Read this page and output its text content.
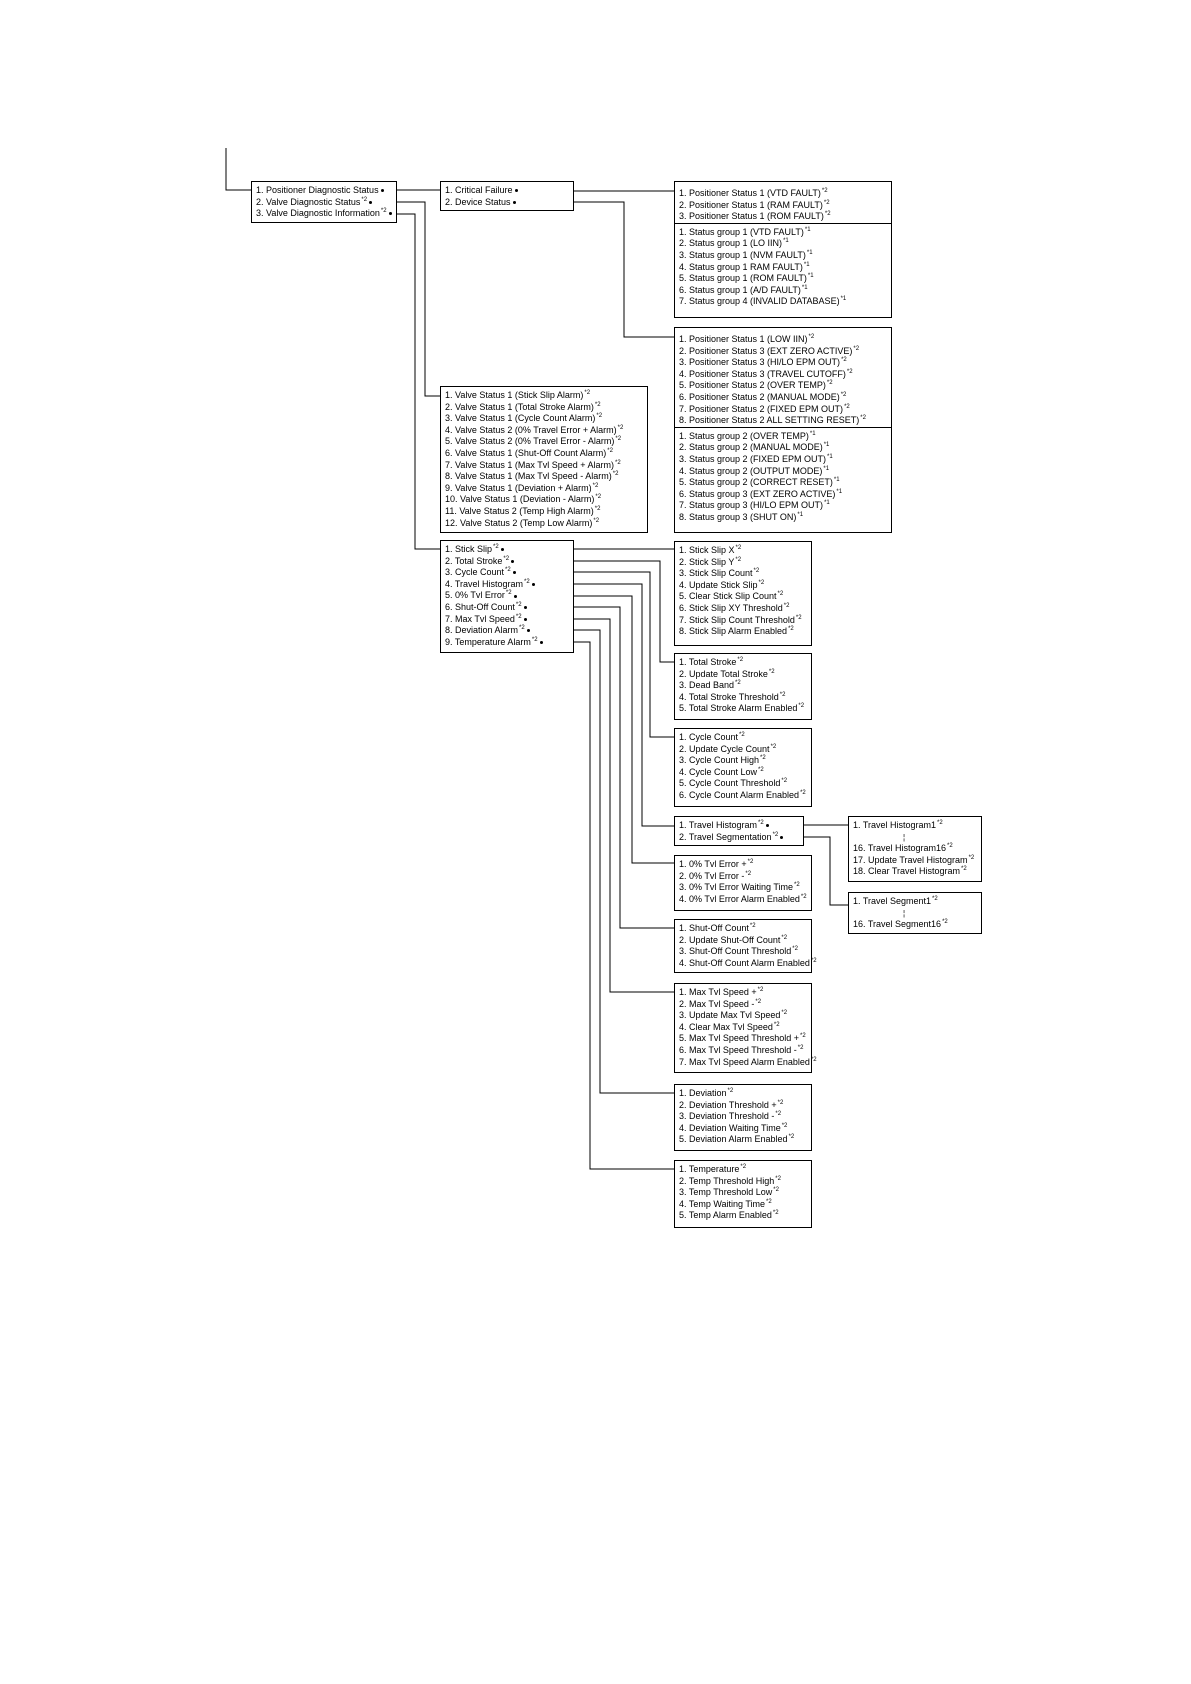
1. Positioner Diagnostic Status
2. Valve Diagnostic Status$^{*2}$
3. Valve Diagnostic Information$^{*2}$
1. Critical Failure
2. Device Status
1. Positioner Status 1 (VTD FAULT)$^{*2}$
2. Positioner Status 1 (RAM FAULT)$^{*2}$
3. Positioner Status 1 (ROM FAULT)$^{*2}$
1. Status group 1 (VTD FAULT)$^{*1}$
2. Status group 1 (LO IIN)$^{*1}$
3. Status group 1 (NVM FAULT)$^{*1}$
4. Status group 1 RAM FAULT)$^{*1}$
5. Status group 1 (ROM FAULT)$^{*1}$
6. Status group 1 (A/D FAULT)$^{*1}$
7. Status group 4 (INVALID DATABASE)$^{*1}$
1. Positioner Status 1 (LOW IIN)$^{*2}$
2. Positioner Status 3 (EXT ZERO ACTIVE)$^{*2}$
3. Positioner Status 3 (HI/LO EPM OUT)$^{*2}$
4. Positioner Status 3 (TRAVEL CUTOFF)$^{*2}$
5. Positioner Status 2 (OVER TEMP)$^{*2}$
6. Positioner Status 2 (MANUAL MODE)$^{*2}$
7. Positioner Status 2 (FIXED EPM OUT)$^{*2}$
8. Positioner Status 2 ALL SETTING RESET)$^{*2}$
1. Status group 2 (OVER TEMP)$^{*1}$
2. Status group 2 (MANUAL MODE)$^{*1}$
3. Status group 2 (FIXED EPM OUT)$^{*1}$
4. Status group 2 (OUTPUT MODE)$^{*1}$
5. Status group 2 (CORRECT RESET)$^{*1}$
6. Status group 3 (EXT ZERO ACTIVE)$^{*1}$
7. Status group 3 (HI/LO EPM OUT)$^{*1}$
8. Status group 3 (SHUT ON)$^{*1}$
1. Valve Status 1 (Stick Slip Alarm)$^{*2}$
2. Valve Status 1 (Total Stroke Alarm)$^{*2}$
3. Valve Status 1 (Cycle Count Alarm)$^{*2}$
4. Valve Status 2 (0% Travel Error + Alarm)$^{*2}$
5. Valve Status 2 (0% Travel Error - Alarm)$^{*2}$
6. Valve Status 1 (Shut-Off Count Alarm)$^{*2}$
7. Valve Status 1 (Max Tvl Speed + Alarm)$^{*2}$
8. Valve Status 1 (Max Tvl Speed - Alarm)$^{*2}$
9. Valve Status 1 (Deviation + Alarm)$^{*2}$
10. Valve Status 1 (Deviation - Alarm)$^{*2}$
11. Valve Status 2 (Temp High Alarm)$^{*2}$
12. Valve Status 2 (Temp Low Alarm)$^{*2}$
1. Stick Slip$^{*2}$
2. Total Stroke$^{*2}$
3. Cycle Count$^{*2}$
4. Travel Histogram$^{*2}$
5. 0% Tvl Error$^{*2}$
6. Shut-Off Count$^{*2}$
7. Max Tvl Speed$^{*2}$
8. Deviation Alarm$^{*2}$
9. Temperature Alarm$^{*2}$
1. Stick Slip $X^{*2}$
2. Stick Slip $Y^{*2}$
3. Stick Slip Count$^{*2}$
4. Update Stick Slip$^{*2}$
5. Clear Stick Slip Count$^{*2}$
6. Stick Slip XY Threshold$^{*2}$
7. Stick Slip Count Threshold$^{*2}$
8. Stick Slip Alarm Enabled$^{*2}$
1. Total Stroke$^{*2}$
2. Update Total Stroke$^{*2}$
3. Dead Band$^{*2}$
4. Total Stroke Threshold$^{*2}$
5. Total Stroke Alarm Enabled$^{*2}$
1. Cycle Count$^{*2}$
2. Update Cycle Count$^{*2}$
3. Cycle Count High$^{*2}$
4. Cycle Count Low$^{*2}$
5. Cycle Count Threshold$^{*2}$
6. Cycle Count Alarm Enabled$^{*2}$
1. Travel Histogram$^{*2}$
2. Travel Segmentation$^{*2}$
1. Travel Histogram1$^{*2}$
¦
16. Travel Histogram16$^{*2}$
17. Update Travel Histogram$^{*2}$
18. Clear Travel Histogram$^{*2}$
1. Travel Segment1$^{*2}$
¦
16. Travel Segment16$^{*2}$
1. 0% Tvl Error +$^{*2}$
2. 0% Tvl Error -$^{*2}$
3. 0% Tvl Error Waiting Time$^{*2}$
4. 0% Tvl Error Alarm Enabled$^{*2}$
1. Shut-Off Count$^{*2}$
2. Update Shut-Off Count$^{*2}$
3. Shut-Off Count Threshold$^{*2}$
4. Shut-Off Count Alarm Enabled$^{*2}$
1. Max Tvl Speed +$^{*2}$
2. Max Tvl Speed -$^{*2}$
3. Update Max Tvl Speed$^{*2}$
4. Clear Max Tvl Speed$^{*2}$
5. Max Tvl Speed Threshold +$^{*2}$
6. Max Tvl Speed Threshold -$^{*2}$
7. Max Tvl Speed Alarm Enabled$^{*2}$
1. Deviation$^{*2}$
2. Deviation Threshold +$^{*2}$
3. Deviation Threshold -$^{*2}$
4. Deviation Waiting Time$^{*2}$
5. Deviation Alarm Enabled$^{*2}$
1. Temperature$^{*2}$
2. Temp Threshold High$^{*2}$
3. Temp Threshold Low$^{*2}$
4. Temp Waiting Time$^{*2}$
5. Temp Alarm Enabled$^{*2}$
